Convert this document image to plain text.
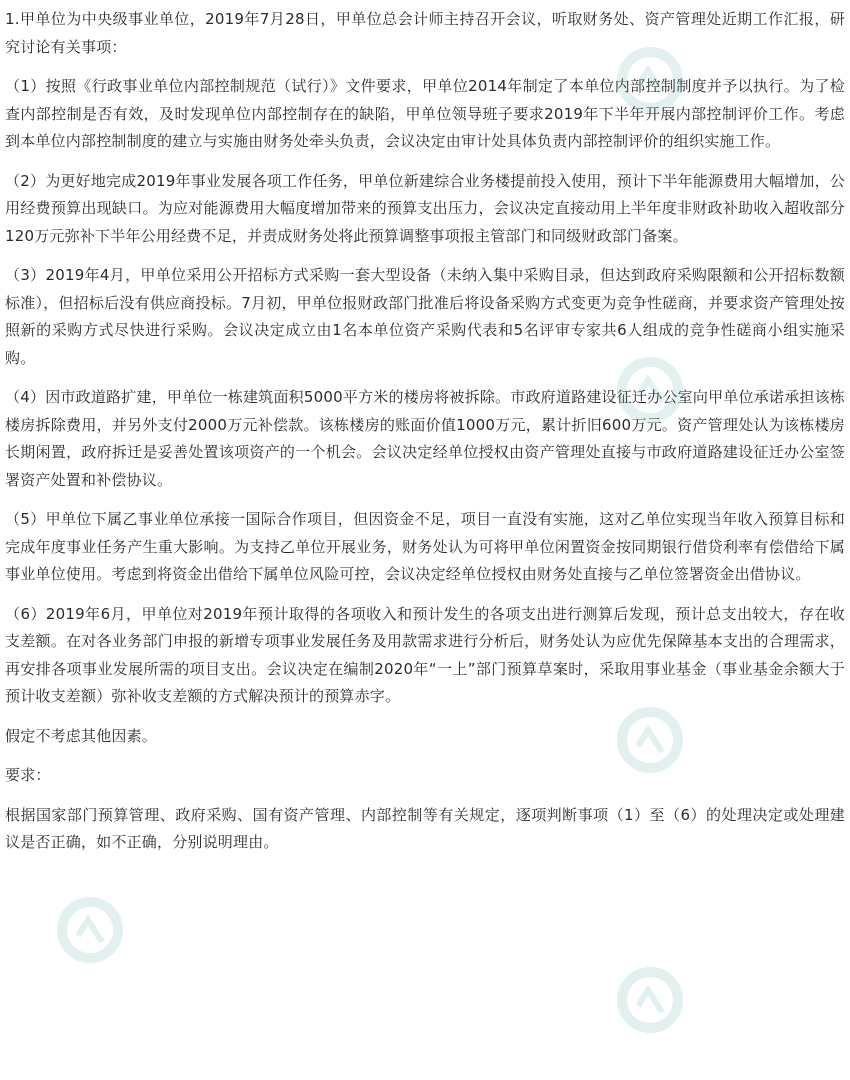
1.甲单位为中央级事业单位，2019年7月28日，甲单位总会计师主持召开会议，听取财务处、资产管理处近期工作汇报，研究讨论有关事项：

（1）按照《行政事业单位内部控制规范（试行）》文件要求，甲单位2014年制定了本单位内部控制制度并予以执行。为了检查内部控制是否有效，及时发现单位内部控制存在的缺陷，甲单位领导班子要求2019年下半年开展内部控制评价工作。考虑到本单位内部控制制度的建立与实施由财务处牵头负责，会议决定由审计处具体负责内部控制评价的组织实施工作。

（2）为更好地完成2019年事业发展各项工作任务，甲单位新建综合业务楼提前投入使用，预计下半年能源费用大幅增加，公用经费预算出现缺口。为应对能源费用大幅度增加带来的预算支出压力，会议决定直接动用上半年度非财政补助收入超收部分120万元弥补下半年公用经费不足，并责成财务处将此预算调整事项报主管部门和同级财政部门备案。

（3）2019年4月，甲单位采用公开招标方式采购一套大型设备（未纳入集中采购目录，但达到政府采购限额和公开招标数额标准），但招标后没有供应商投标。7月初，甲单位报财政部门批准后将设备采购方式变更为竞争性磋商，并要求资产管理处按照新的采购方式尽快进行采购。会议决定成立由1名本单位资产采购代表和5名评审专家共6人组成的竞争性磋商小组实施采购。

（4）因市政道路扩建，甲单位一栋建筑面积5000平方米的楼房将被拆除。市政府道路建设征迁办公室向甲单位承诺承担该栋楼房拆除费用，并另外支付2000万元补偿款。该栋楼房的账面价值1000万元，累计折旧600万元。资产管理处认为该栋楼房长期闲置，政府拆迁是妥善处置该项资产的一个机会。会议决定经单位授权由资产管理处直接与市政府道路建设征迁办公室签署资产处置和补偿协议。

（5）甲单位下属乙事业单位承接一国际合作项目，但因资金不足，项目一直没有实施，这对乙单位实现当年收入预算目标和完成年度事业任务产生重大影响。为支持乙单位开展业务，财务处认为可将甲单位闲置资金按同期银行借贷利率有偿借给下属事业单位使用。考虑到将资金出借给下属单位风险可控，会议决定经单位授权由财务处直接与乙单位签署资金出借协议。

（6）2019年6月，甲单位对2019年预计取得的各项收入和预计发生的各项支出进行测算后发现，预计总支出较大，存在收支差额。在对各业务部门申报的新增专项事业发展任务及用款需求进行分析后，财务处认为应优先保障基本支出的合理需求，再安排各项事业发展所需的项目支出。会议决定在编制2020年“一上”部门预算草案时，采取用事业基金（事业基金余额大于预计收支差额）弥补收支差额的方式解决预计的预算赤字。

假定不考虑其他因素。

要求：

根据国家部门预算管理、政府采购、国有资产管理、内部控制等有关规定，逐项判断事项（1）至（6）的处理决定或处理建议是否正确，如不正确，分别说明理由。
